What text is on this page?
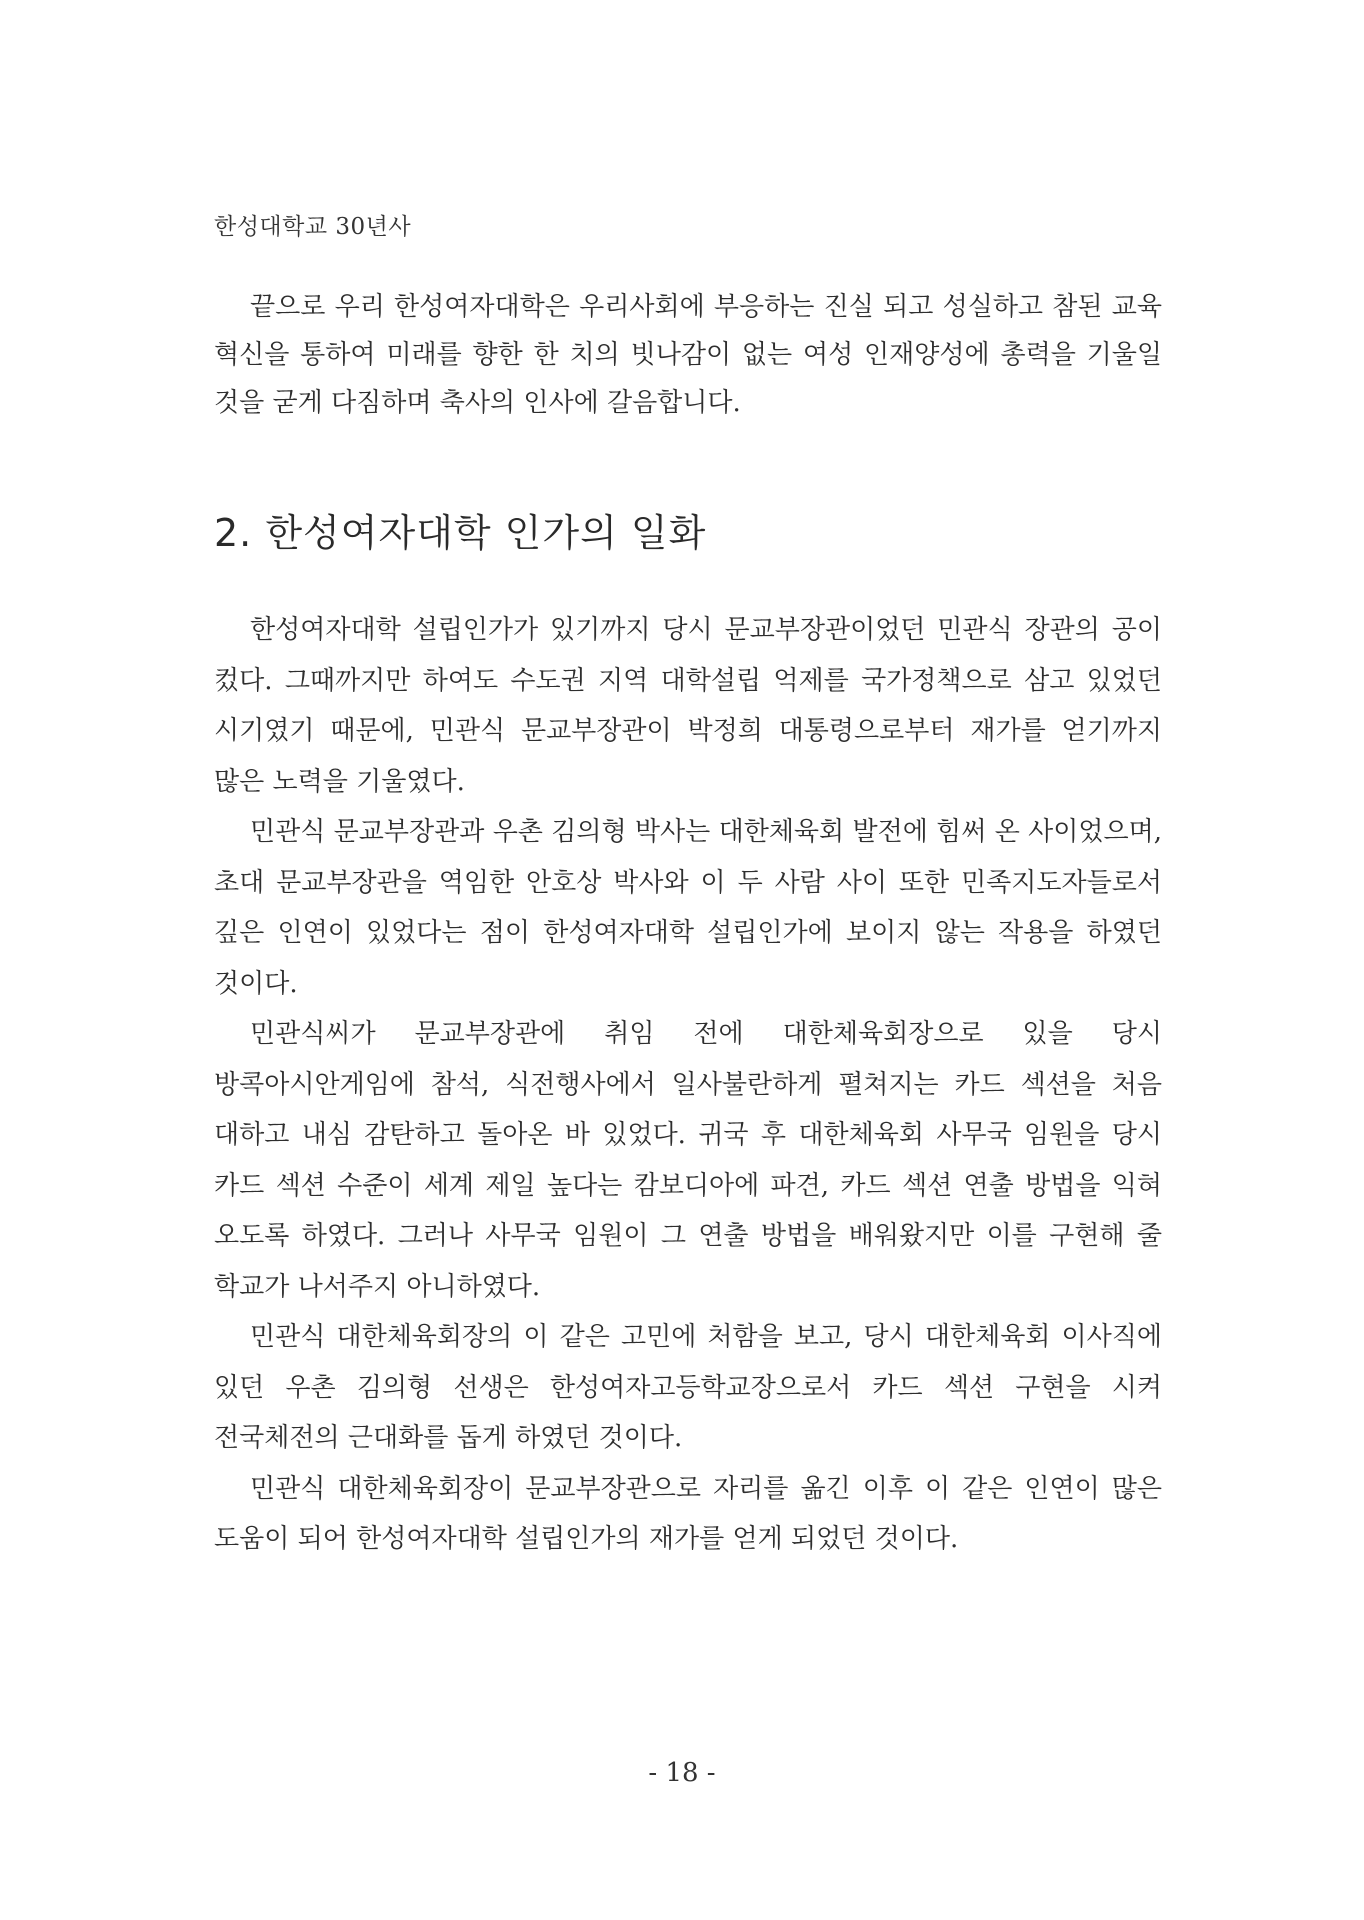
한성대학교 30년사
끝으로 우리 한성여자대학은 우리사회에 부응하는 진실 되고 성실하고 참된 교육 혁신을 통하여 미래를 향한 한 치의 빗나감이 없는 여성 인재양성에 총력을 기울일 것을 굳게 다짐하며 축사의 인사에 갈음합니다.
2. 한성여자대학 인가의 일화

한성여자대학 설립인가가 있기까지 당시 문교부장관이었던 민관식 장관의 공이 컸다. 그때까지만 하여도 수도권 지역 대학설립 억제를 국가정책으로 삼고 있었던 시기였기 때문에, 민관식 문교부장관이 박정희 대통령으로부터 재가를 얻기까지 많은 노력을 기울였다.

민관식 문교부장관과 우촌 김의형 박사는 대한체육회 발전에 힘써 온 사이었으며, 초대 문교부장관을 역임한 안호상 박사와 이 두 사람 사이 또한 민족지도자들로서 깊은 인연이 있었다는 점이 한성여자대학 설립인가에 보이지 않는 작용을 하였던 것이다.

민관식씨가 문교부장관에 취임 전에 대한체육회장으로 있을 당시 방콕아시안게임에 참석, 식전행사에서 일사불란하게 펼쳐지는 카드 섹션을 처음 대하고 내심 감탄하고 돌아온 바 있었다. 귀국 후 대한체육회 사무국 임원을 당시 카드 섹션 수준이 세계 제일 높다는 캄보디아에 파견, 카드 섹션 연출 방법을 익혀 오도록 하였다. 그러나 사무국 임원이 그 연출 방법을 배워왔지만 이를 구현해 줄 학교가 나서주지 아니하였다.

민관식 대한체육회장의 이 같은 고민에 처함을 보고, 당시 대한체육회 이사직에 있던 우촌 김의형 선생은 한성여자고등학교장으로서 카드 섹션 구현을 시켜 전국체전의 근대화를 돕게 하였던 것이다.

민관식 대한체육회장이 문교부장관으로 자리를 옮긴 이후 이 같은 인연이 많은 도움이 되어 한성여자대학 설립인가의 재가를 얻게 되었던 것이다.

- 18 -
